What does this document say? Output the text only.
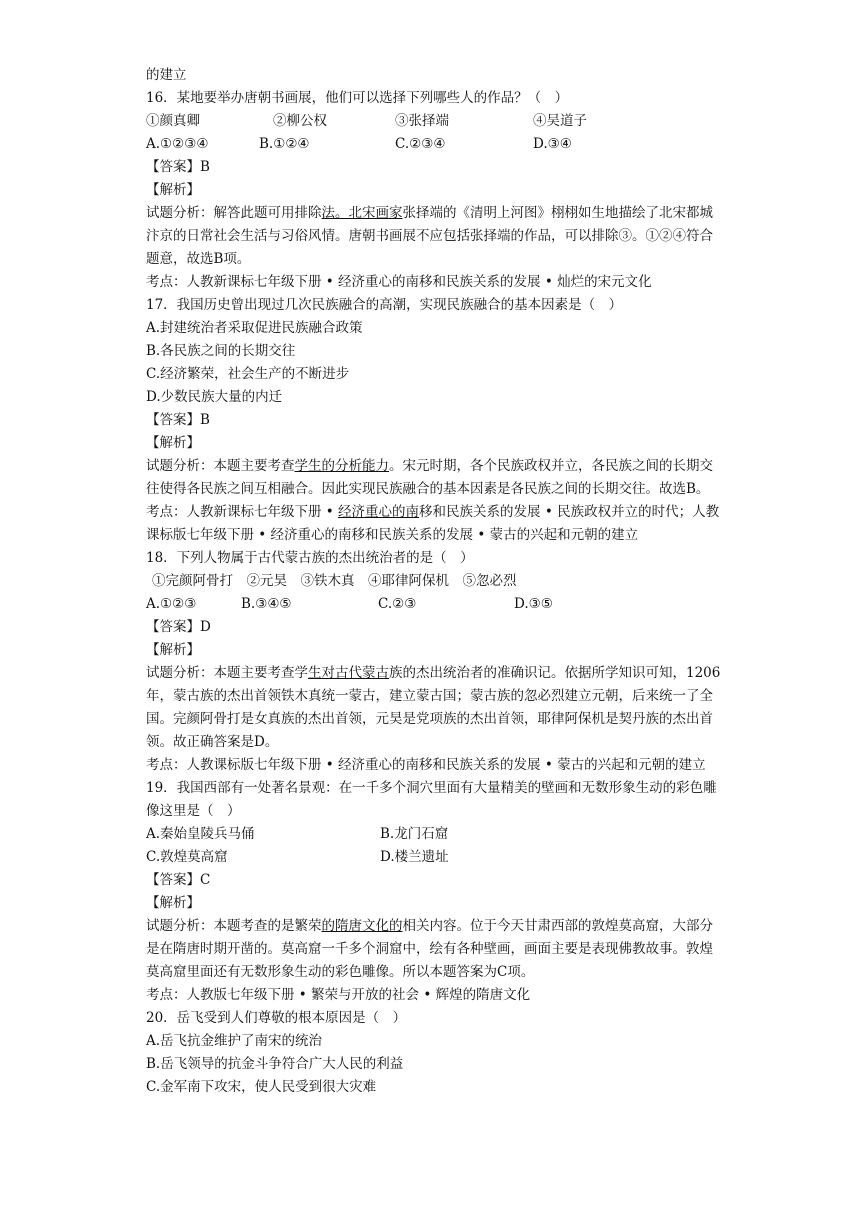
的建立
16．某地要举办唐朝书画展，他们可以选择下列哪些人的作品？（　）
①颜真卿	②柳公权	③张择端	④吴道子
A.①②③④	B.①②④	C.②③④	D.③④
【答案】B
【解析】
试题分析：解答此题可用排除法。北宋画家张择端的《清明上河图》栩栩如生地描绘了北宋都城汴京的日常社会生活与习俗风情。唐朝书画展不应包括张择端的作品，可以排除③。①②④符合题意，故选B项。
考点：人教新课标七年级下册 • 经济重心的南移和民族关系的发展 • 灿烂的宋元文化
17．我国历史曾出现过几次民族融合的高潮，实现民族融合的基本因素是（　）
A.封建统治者采取促进民族融合政策
B.各民族之间的长期交往
C.经济繁荣，社会生产的不断进步
D.少数民族大量的内迁
【答案】B
【解析】
试题分析：本题主要考查学生的分析能力。宋元时期，各个民族政权并立，各民族之间的长期交往使得各民族之间互相融合。因此实现民族融合的基本因素是各民族之间的长期交往。故选B。
考点：人教新课标七年级下册 • 经济重心的南移和民族关系的发展 • 民族政权并立的时代；人教课标版七年级下册 • 经济重心的南移和民族关系的发展 • 蒙古的兴起和元朝的建立
18．下列人物属于古代蒙古族的杰出统治者的是（　）
①完颜阿骨打　②元昊　③铁木真　④耶律阿保机　⑤忽必烈
A.①②③	B.③④⑤	C.②③	D.③⑤
【答案】D
【解析】
试题分析：本题主要考查学生对古代蒙古族的杰出统治者的准确识记。依据所学知识可知，1206年，蒙古族的杰出首领铁木真统一蒙古，建立蒙古国；蒙古族的忽必烈建立元朝，后来统一了全国。完颜阿骨打是女真族的杰出首领，元昊是党项族的杰出首领，耶律阿保机是契丹族的杰出首领。故正确答案是D。
考点：人教课标版七年级下册 • 经济重心的南移和民族关系的发展 • 蒙古的兴起和元朝的建立
19．我国西部有一处著名景观：在一千多个洞穴里面有大量精美的壁画和无数形象生动的彩色雕像这里是（　）
A.秦始皇陵兵马俑	B.龙门石窟
C.敦煌莫高窟	D.楼兰遗址
【答案】C
【解析】
试题分析：本题考查的是繁荣的隋唐文化的相关内容。位于今天甘肃西部的敦煌莫高窟，大部分是在隋唐时期开凿的。莫高窟一千多个洞窟中，绘有各种壁画，画面主要是表现佛教故事。敦煌莫高窟里面还有无数形象生动的彩色雕像。所以本题答案为C项。
考点：人教版七年级下册 • 繁荣与开放的社会 • 辉煌的隋唐文化
20．岳飞受到人们尊敬的根本原因是（　）
A.岳飞抗金维护了南宋的统治
B.岳飞领导的抗金斗争符合广大人民的利益
C.金军南下攻宋，使人民受到很大灾难
